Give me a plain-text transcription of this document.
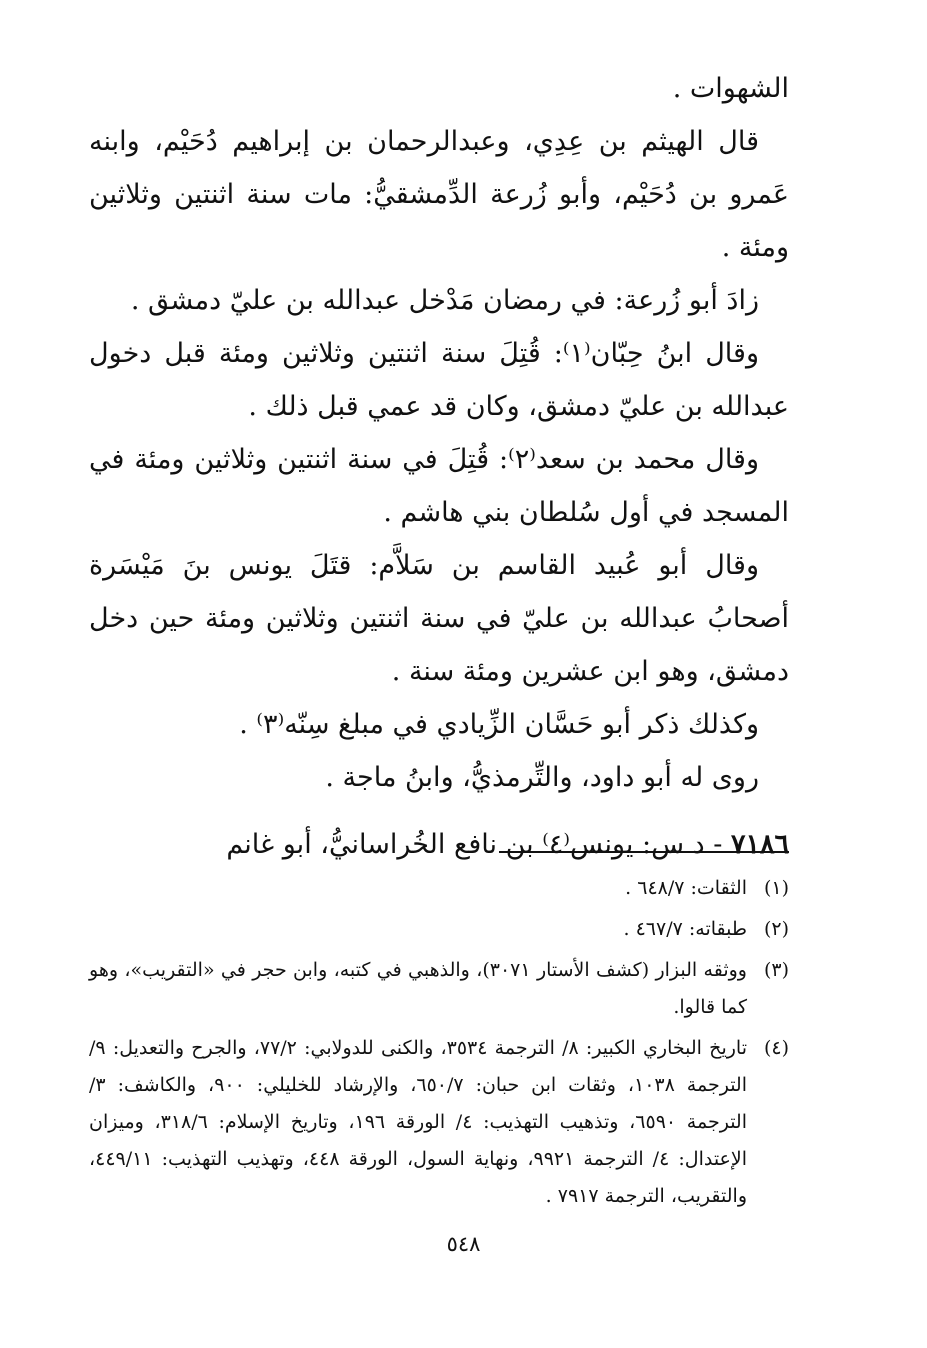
الشهوات .

قال الهيثم بن عِدِي، وعبدالرحمان بن إبراهيم دُحَيْم، وابنه عَمرو بن دُحَيْم، وأبو زُرعة الدِّمشقيُّ: مات سنة اثنتين وثلاثين ومئة .

زادَ أبو زُرعة: في رمضان مَدْخل عبدالله بن عليّ دمشق .

وقال ابنُ حِبّان⁽١⁾: قُتِلَ سنة اثنتين وثلاثين ومئة قبل دخول عبدالله بن عليّ دمشق، وكان قد عمي قبل ذلك .

وقال محمد بن سعد⁽٢⁾: قُتِلَ في سنة اثنتين وثلاثين ومئة في المسجد في أول سُلطان بني هاشم .

وقال أبو عُبيد القاسم بن سَلاَّم: قتَلَ يونس بنَ مَيْسَرة أصحابُ عبدالله بن عليّ في سنة اثنتين وثلاثين ومئة حين دخل دمشق، وهو ابن عشرين ومئة سنة .

وكذلك ذكر أبو حَسَّان الزِّيادي في مبلغ سِنّه⁽٣⁾ .

روى له أبو داود، والتِّرمذيُّ، وابنُ ماجة .

٧١٨٦ - د س: يونس⁽٤⁾ بن نافع الخُراسانيُّ، أبو غانم

(١)
الثقات: ٦٤٨/٧ .
(٢)
طبقاته: ٤٦٧/٧ .
(٣)
ووثقه البزار (كشف الأستار ٣٠٧١)، والذهبي في كتبه، وابن حجر في «التقريب»، وهو كما قالوا.
(٤)
تاريخ البخاري الكبير: ٨/ الترجمة ٣٥٣٤، والكنى للدولابي: ٧٧/٢، والجرح والتعديل: ٩/ الترجمة ١٠٣٨، وثقات ابن حبان: ٦٥٠/٧، والإرشاد للخليلي: ٩٠٠، والكاشف: ٣/ الترجمة ٦٥٩٠، وتذهيب التهذيب: ٤/ الورقة ١٩٦، وتاريخ الإسلام: ٣١٨/٦، وميزان الإعتدال: ٤/ الترجمة ٩٩٢١، ونهاية السول، الورقة ٤٤٨، وتهذيب التهذيب: ٤٤٩/١١، والتقريب، الترجمة ٧٩١٧ .
٥٤٨
